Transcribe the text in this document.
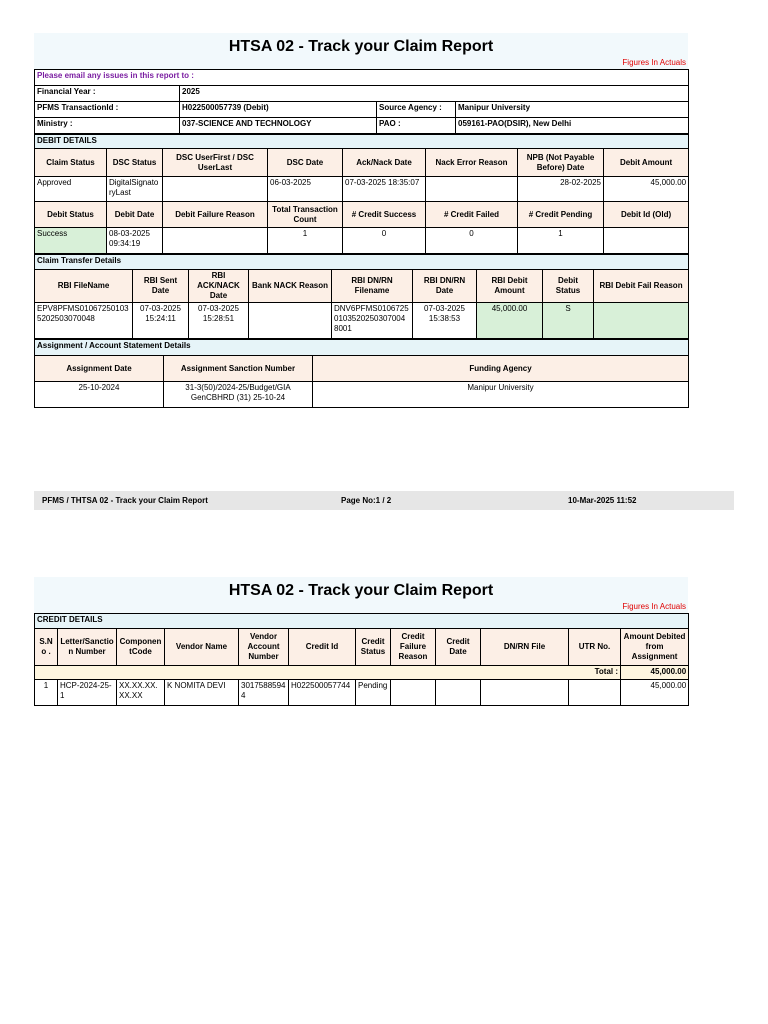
HTSA 02 - Track your Claim Report
Figures In Actuals
Please email any issues in this report to :			
Financial Year :	2025		
PFMS TransactionId :	H022500057739 (Debit)	Source Agency :	Manipur University
Ministry :	037-SCIENCE AND TECHNOLOGY	PAO :	059161-PAO(DSIR), New Delhi
DEBIT DETAILS							
Claim Status	DSC Status	DSC UserFirst / DSC UserLast	DSC Date	Ack/Nack Date	Nack Error Reason	NPB (Not Payable Before) Date	Debit Amount
Approved	DigitalSignatoryLast		06-03-2025	07-03-2025 18:35:07		28-02-2025	45,000.00
Debit Status	Debit Date	Debit Failure Reason	Total Transaction Count	# Credit Success	# Credit Failed	# Credit Pending	Debit Id (Old)
Success	08-03-2025 09:34:19		1	0	0	1	
Claim Transfer Details								
RBI FileName	RBI Sent Date	RBI ACK/NACK Date	Bank NACK Reason	RBI DN/RN Filename	RBI DN/RN Date	RBI Debit Amount	Debit Status	RBI Debit Fail Reason
EPV8PFMS010672501035202503070048	07-03-2025 15:24:11	07-03-2025 15:28:51		DNV6PFMS01067250103520250307004 8001	07-03-2025 15:38:53	45,000.00	S	
Assignment / Account Statement Details		
Assignment Date	Assignment Sanction Number	Funding Agency
25-10-2024	31-3(50)/2024-25/Budget/GIA GenCBHRD (31) 25-10-24	Manipur University
PFMS / THTSA 02 - Track your Claim Report	Page No:1 / 2	10-Mar-2025 11:52
HTSA 02 - Track your Claim Report
Figures In Actuals
CREDIT DETAILS											
S.No .	Letter/Sanction Number	ComponentCode	Vendor Name	Vendor Account Number	Credit Id	Credit Status	Credit Failure Reason	Credit Date	DN/RN File	UTR No.	Amount Debited from Assignment
Total :											45,000.00
1	HCP-2024-25-1	XX.XX.XX.XX.XX	K NOMITA DEVI	30175885944	H022500057744	Pending					45,000.00
